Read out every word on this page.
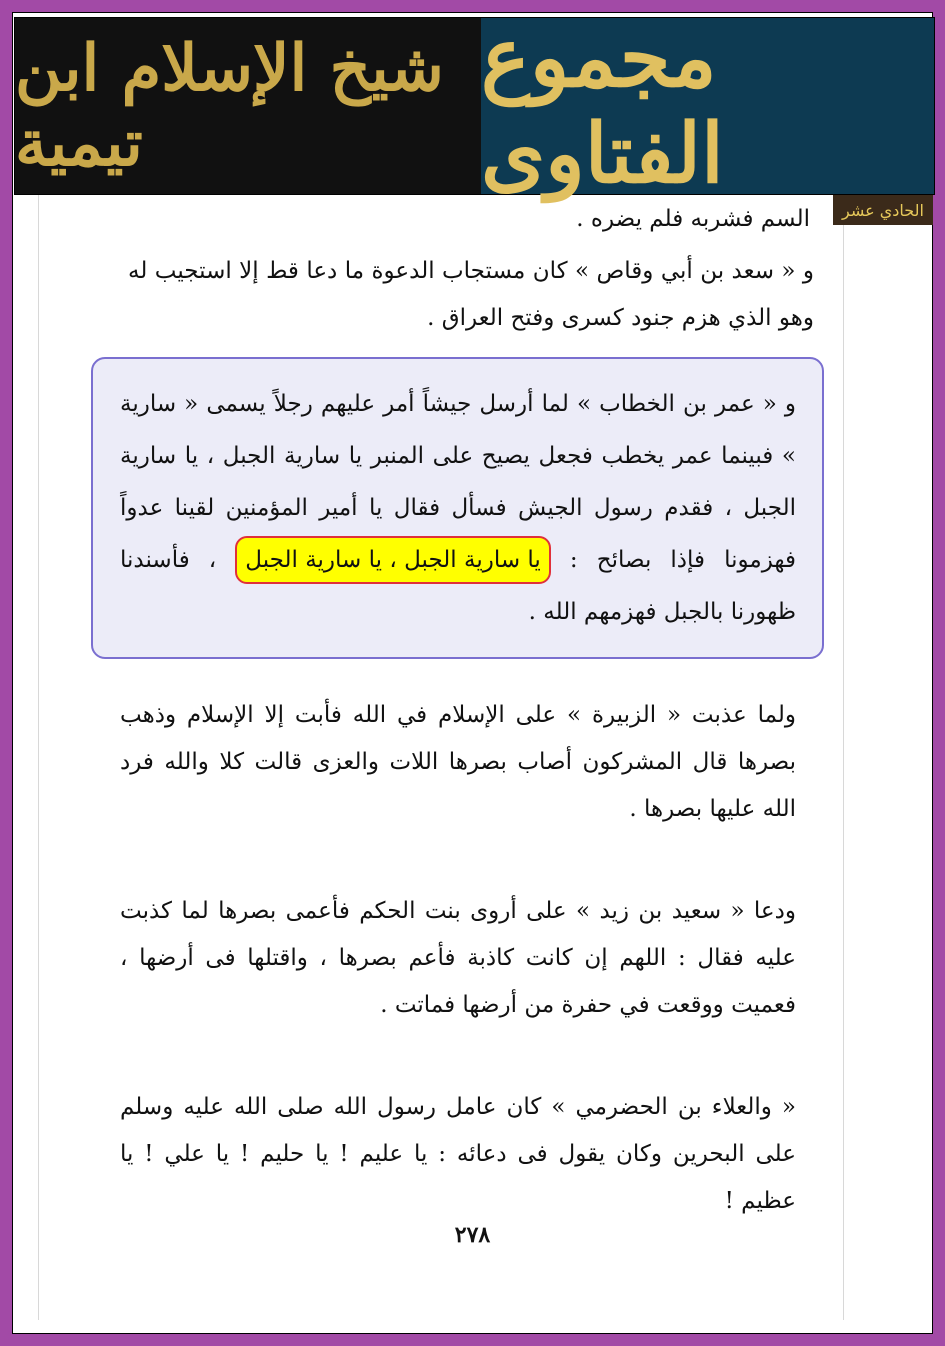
شيخ الإسلام ابن تيمية
مجموع الفتاوى
الحادي عشر

السم فشربه فلم يضره .

و « سعد بن أبي وقاص » كان مستجاب الدعوة ما دعا قط إلا استجيب له وهو الذي هزم جنود كسرى وفتح العراق .

و « عمر بن الخطاب » لما أرسل جيشاً أمر عليهم رجلاً يسمى « سارية » فبينما عمر يخطب فجعل يصيح على المنبر يا سارية الجبل ، يا سارية الجبل ، فقدم رسول الجيش فسأل فقال يا أمير المؤمنين لقينا عدواً فهزمونا فإذا بصائح : يا سارية الجبل ، يا سارية الجبل ، فأسندنا ظهورنا بالجبل فهزمهم الله .

ولما عذبت « الزبيرة » على الإسلام في الله فأبت إلا الإسلام وذهب بصرها قال المشركون أصاب بصرها اللات والعزى قالت كلا والله فرد الله عليها بصرها .

ودعا « سعيد بن زيد » على أروى بنت الحكم فأعمى بصرها لما كذبت عليه فقال : اللهم إن كانت كاذبة فأعم بصرها ، واقتلها فى أرضها ، فعميت ووقعت في حفرة من أرضها فماتت .

« والعلاء بن الحضرمي » كان عامل رسول الله صلى الله عليه وسلم على البحرين وكان يقول فى دعائه : يا عليم ! يا حليم ! يا علي ! يا عظيم !

٢٧٨
